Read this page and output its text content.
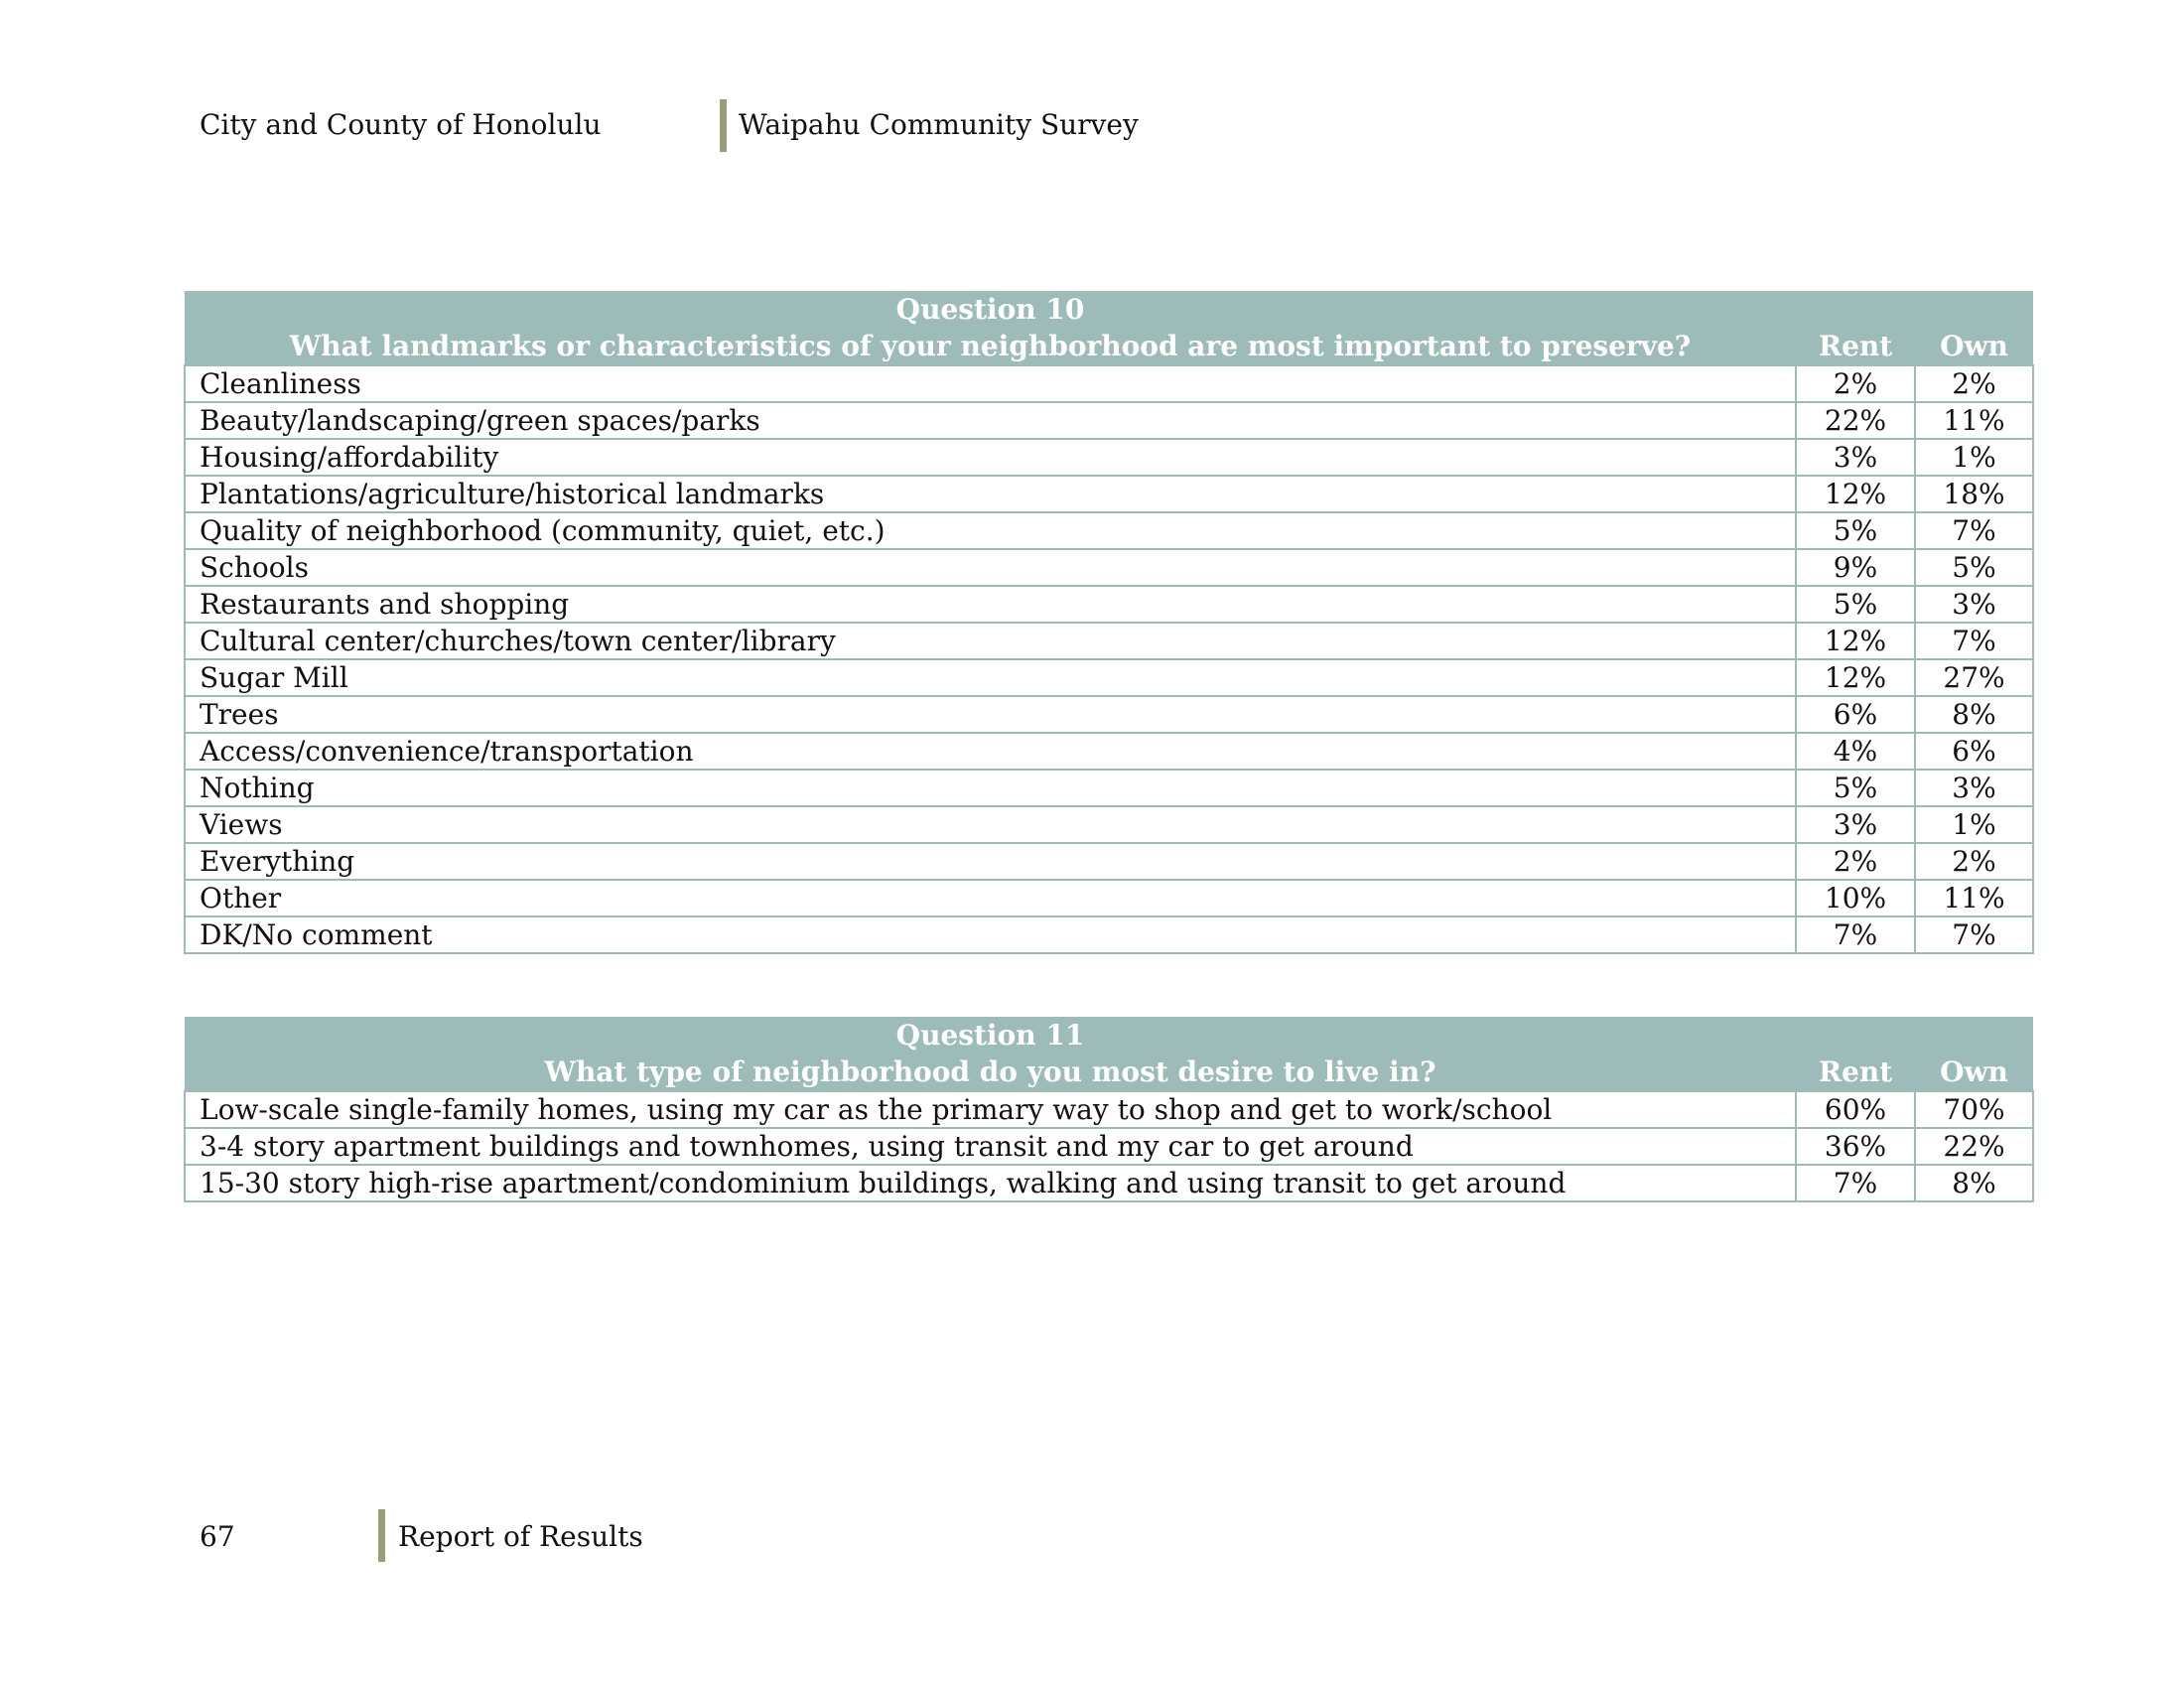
City and County of Honolulu	Waipahu Community Survey
Question 10		
What landmarks or characteristics of your neighborhood are most important to preserve?	Rent	Own
Cleanliness	2%	2%
Beauty/landscaping/green spaces/parks	22%	11%
Housing/affordability	3%	1%
Plantations/agriculture/historical landmarks	12%	18%
Quality of neighborhood (community, quiet, etc.)	5%	7%
Schools	9%	5%
Restaurants and shopping	5%	3%
Cultural center/churches/town center/library	12%	7%
Sugar Mill	12%	27%
Trees	6%	8%
Access/convenience/transportation	4%	6%
Nothing	5%	3%
Views	3%	1%
Everything	2%	2%
Other	10%	11%
DK/No comment	7%	7%
Question 11		
What type of neighborhood do you most desire to live in?	Rent	Own
Low-scale single-family homes, using my car as the primary way to shop and get to work/school	60%	70%
3-4 story apartment buildings and townhomes, using transit and my car to get around	36%	22%
15-30 story high-rise apartment/condominium buildings, walking and using transit to get around	7%	8%
67	Report of Results
